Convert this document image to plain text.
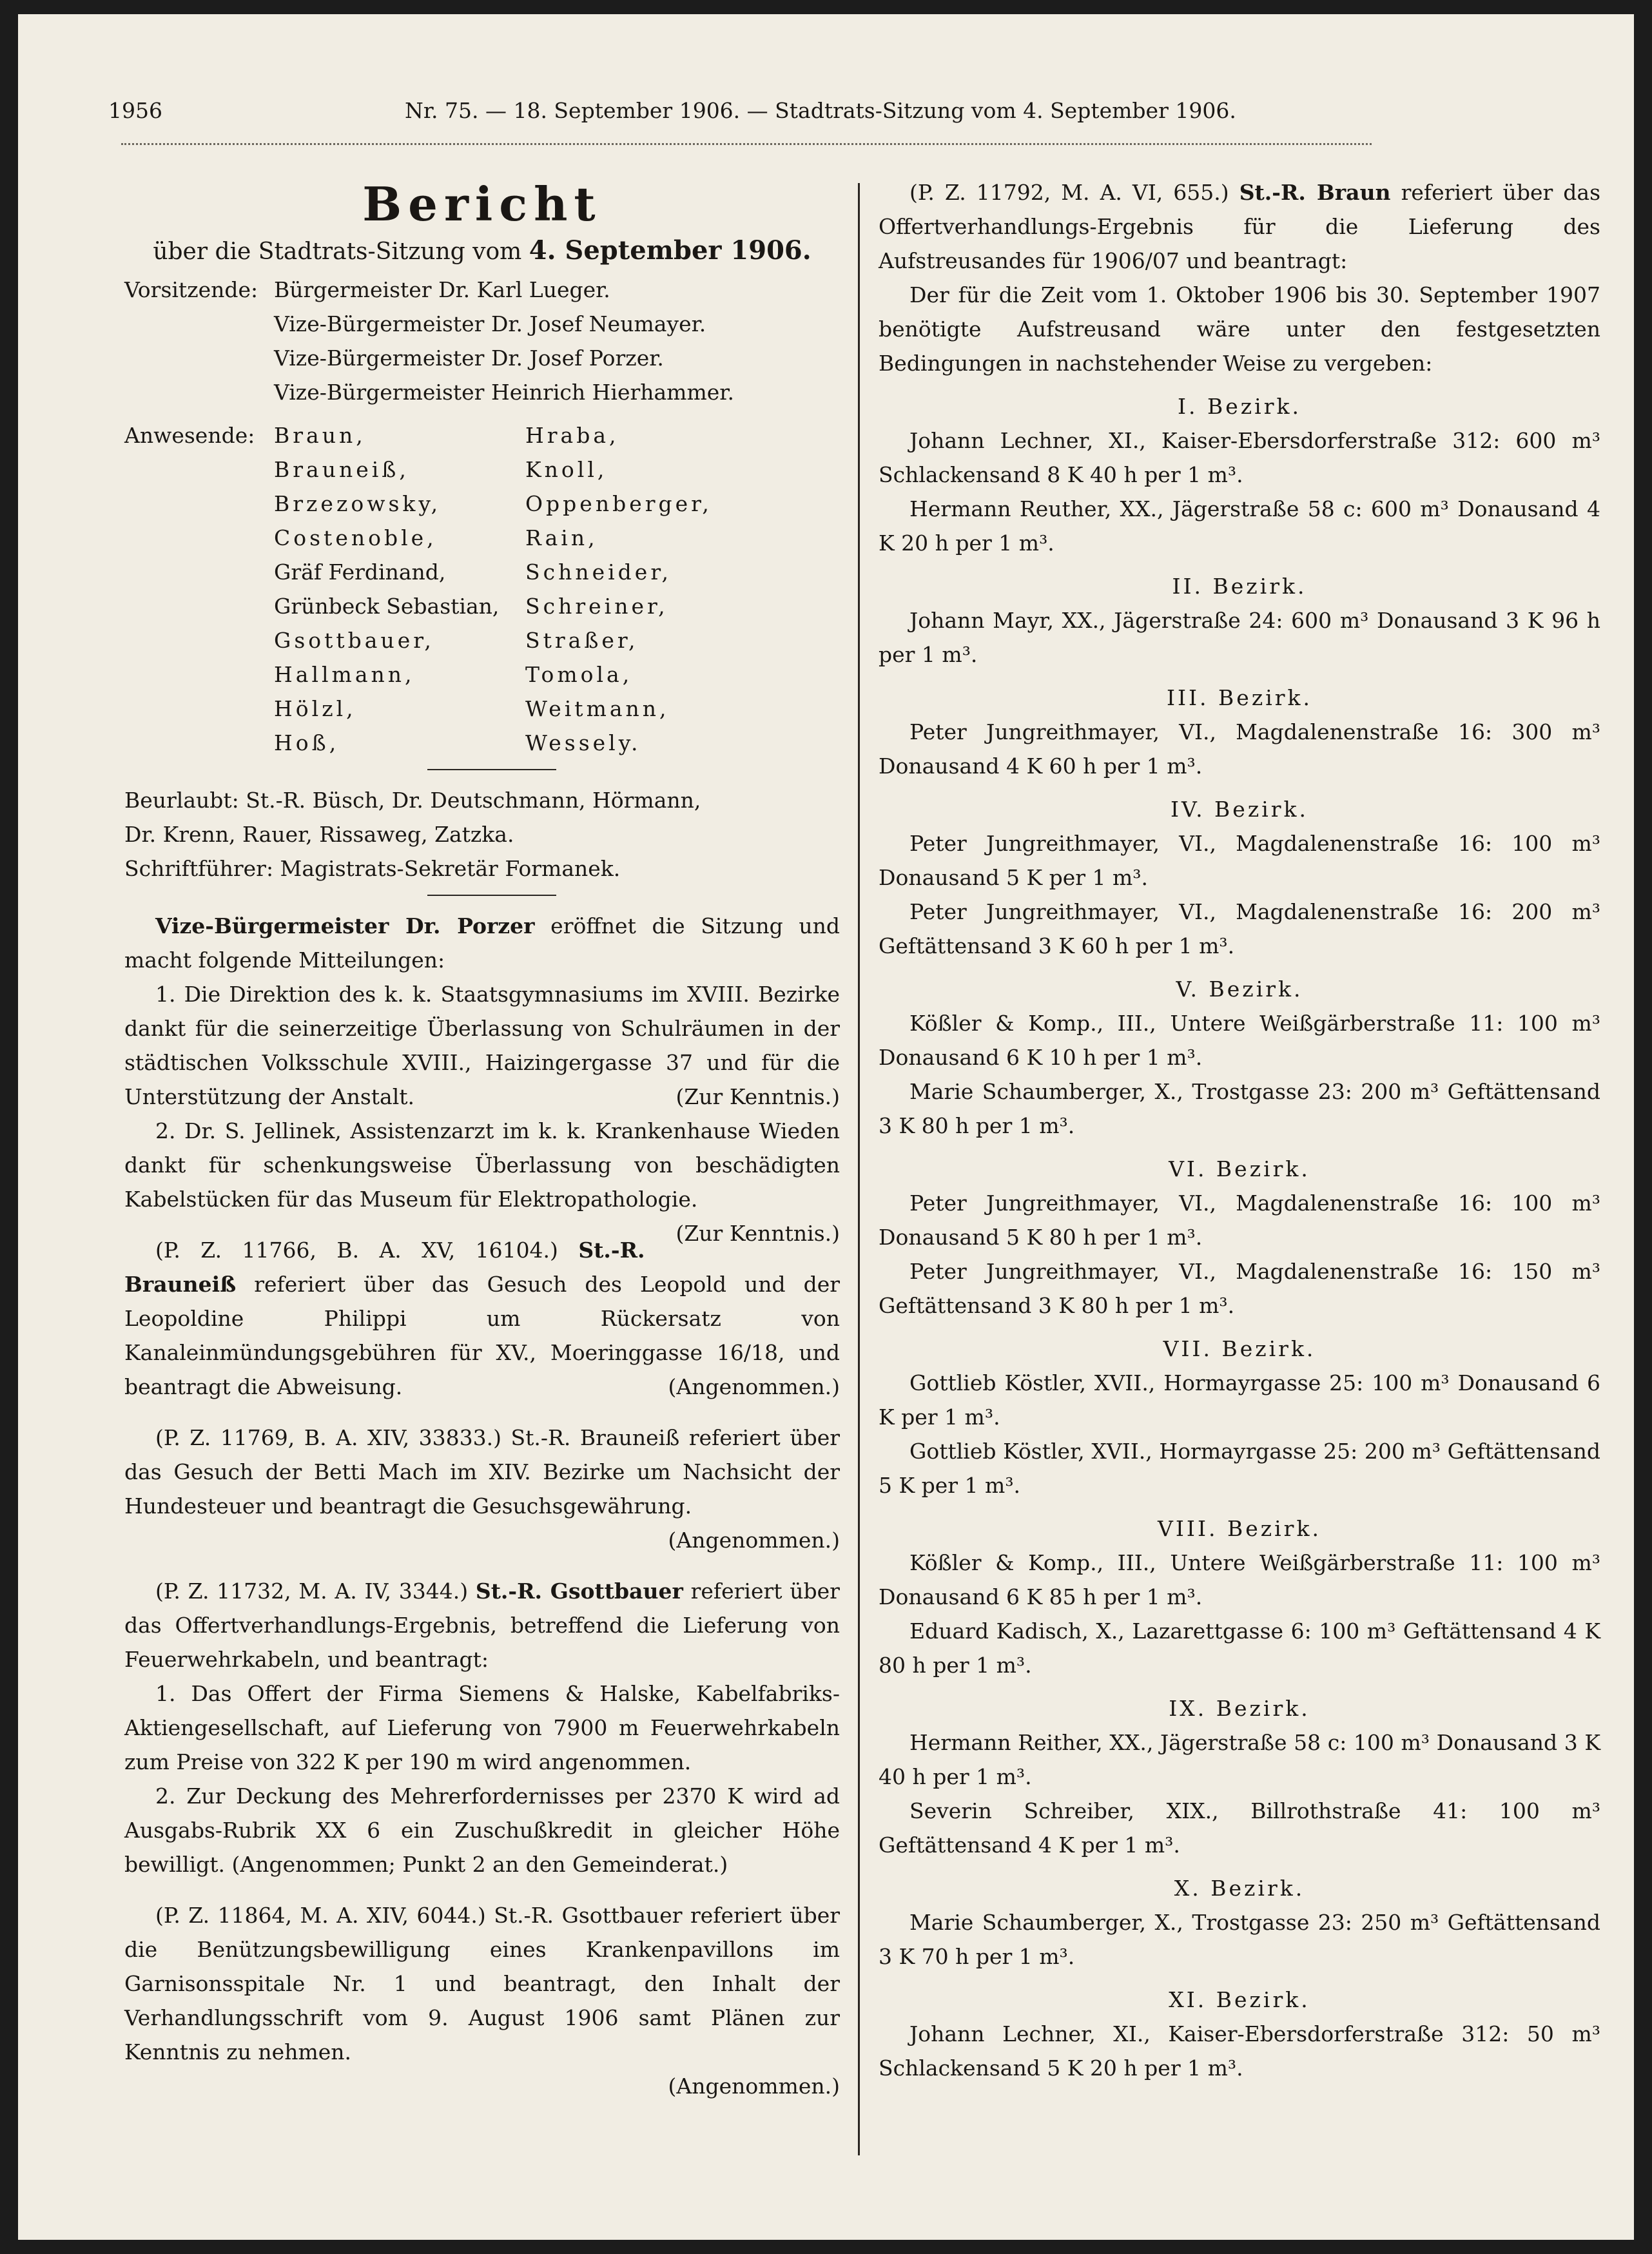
1956	Nr. 75. — 18. September 1906. — Stadtrats-Sitzung vom 4. September 1906.
Bericht

über die Stadtrats-Sitzung vom 4. September 1906.

Vorsitzende: Bürgermeister Dr. Karl Lueger.
Vize-Bürgermeister Dr. Josef Neumayer.
Vize-Bürgermeister Dr. Josef Porzer.
Vize-Bürgermeister Heinrich Hierhammer.
Anwesende: Braun,	Hraba,
Brauneiß,	Knoll,
Brzezowsky,	Oppenberger,
Costenoble,	Rain,
Gräf Ferdinand,	Schneider,
Grünbeck Sebastian,	Schreiner,
Gsottbauer,	Straßer,
Hallmann,	Tomola,
Hölzl,	Weitmann,
Hoß,	Wessely.

Beurlaubt: St.-R. Büsch, Dr. Deutschmann, Hörmann,

Dr. Krenn, Rauer, Rissaweg, Zatzka.

Schriftführer: Magistrats-Sekretär Formanek.

Vize-Bürgermeister Dr. Porzer eröffnet die Sitzung und macht folgende Mitteilungen:

1. Die Direktion des k. k. Staatsgymnasiums im XVIII. Bezirke dankt für die seinerzeitige Überlassung von Schulräumen in der städtischen Volksschule XVIII., Haizingergasse 37 und für die Unterstützung der Anstalt.	(Zur Kenntnis.)

2. Dr. S. Jellinek, Assistenzarzt im k. k. Krankenhause Wieden dankt für schenkungsweise Überlassung von beschädigten Kabelstücken für das Museum für Elektropathologie.
(Zur Kenntnis.)

(P. Z. 11766, B. A. XV, 16104.) St.-R. Brauneiß referiert über das Gesuch des Leopold und der Leopoldine Philippi um Rückersatz von Kanaleinmündungsgebühren für XV., Moeringgasse 16/18, und beantragt die Abweisung.	(Angenommen.)

(P. Z. 11769, B. A. XIV, 33833.) St.-R. Brauneiß referiert über das Gesuch der Betti Mach im XIV. Bezirke um Nachsicht der Hundesteuer und beantragt die Gesuchsgewährung.

(Angenommen.)

(P. Z. 11732, M. A. IV, 3344.) St.-R. Gsottbauer referiert über das Offertverhandlungs-Ergebnis, betreffend die Lieferung von Feuerwehrkabeln, und beantragt:

1. Das Offert der Firma Siemens & Halske, Kabelfabriks-Aktiengesellschaft, auf Lieferung von 7900 m Feuerwehrkabeln zum Preise von 322 K per 190 m wird angenommen.

2. Zur Deckung des Mehrerfordernisses per 2370 K wird ad Ausgabs-Rubrik XX 6 ein Zuschußkredit in gleicher Höhe bewilligt. (Angenommen; Punkt 2 an den Gemeinderat.)

(P. Z. 11864, M. A. XIV, 6044.) St.-R. Gsottbauer referiert über die Benützungsbewilligung eines Krankenpavillons im Garnisonsspitale Nr. 1 und beantragt, den Inhalt der Verhandlungsschrift vom 9. August 1906 samt Plänen zur Kenntnis zu nehmen.

(Angenommen.)

(P. Z. 11792, M. A. VI, 655.) St.-R. Braun referiert über das Offertverhandlungs-Ergebnis für die Lieferung des Aufstreusandes für 1906/07 und beantragt:

Der für die Zeit vom 1. Oktober 1906 bis 30. September 1907 benötigte Aufstreusand wäre unter den festgesetzten Bedingungen in nachstehender Weise zu vergeben:

I. Bezirk.

Johann Lechner, XI., Kaiser-Ebersdorferstraße 312: 600 m³ Schlackensand 8 K 40 h per 1 m³.

Hermann Reuther, XX., Jägerstraße 58 c: 600 m³ Donausand 4 K 20 h per 1 m³.

II. Bezirk.

Johann Mayr, XX., Jägerstraße 24: 600 m³ Donausand 3 K 96 h per 1 m³.

III. Bezirk.

Peter Jungreithmayer, VI., Magdalenenstraße 16: 300 m³ Donausand 4 K 60 h per 1 m³.

IV. Bezirk.

Peter Jungreithmayer, VI., Magdalenenstraße 16: 100 m³ Donausand 5 K per 1 m³.

Peter Jungreithmayer, VI., Magdalenenstraße 16: 200 m³ Geftättensand 3 K 60 h per 1 m³.

V. Bezirk.

Kößler & Komp., III., Untere Weißgärberstraße 11: 100 m³ Donausand 6 K 10 h per 1 m³.

Marie Schaumberger, X., Trostgasse 23: 200 m³ Geftättensand 3 K 80 h per 1 m³.

VI. Bezirk.

Peter Jungreithmayer, VI., Magdalenenstraße 16: 100 m³ Donausand 5 K 80 h per 1 m³.

Peter Jungreithmayer, VI., Magdalenenstraße 16: 150 m³ Geftättensand 3 K 80 h per 1 m³.

VII. Bezirk.

Gottlieb Köstler, XVII., Hormayrgasse 25: 100 m³ Donausand 6 K per 1 m³.

Gottlieb Köstler, XVII., Hormayrgasse 25: 200 m³ Geftättensand 5 K per 1 m³.

VIII. Bezirk.

Kößler & Komp., III., Untere Weißgärberstraße 11: 100 m³ Donausand 6 K 85 h per 1 m³.

Eduard Kadisch, X., Lazarettgasse 6: 100 m³ Geftättensand 4 K 80 h per 1 m³.

IX. Bezirk.

Hermann Reither, XX., Jägerstraße 58 c: 100 m³ Donausand 3 K 40 h per 1 m³.

Severin Schreiber, XIX., Billrothstraße 41: 100 m³ Geftättensand 4 K per 1 m³.

X. Bezirk.

Marie Schaumberger, X., Trostgasse 23: 250 m³ Geftättensand 3 K 70 h per 1 m³.

XI. Bezirk.

Johann Lechner, XI., Kaiser-Ebersdorferstraße 312: 50 m³ Schlackensand 5 K 20 h per 1 m³.
